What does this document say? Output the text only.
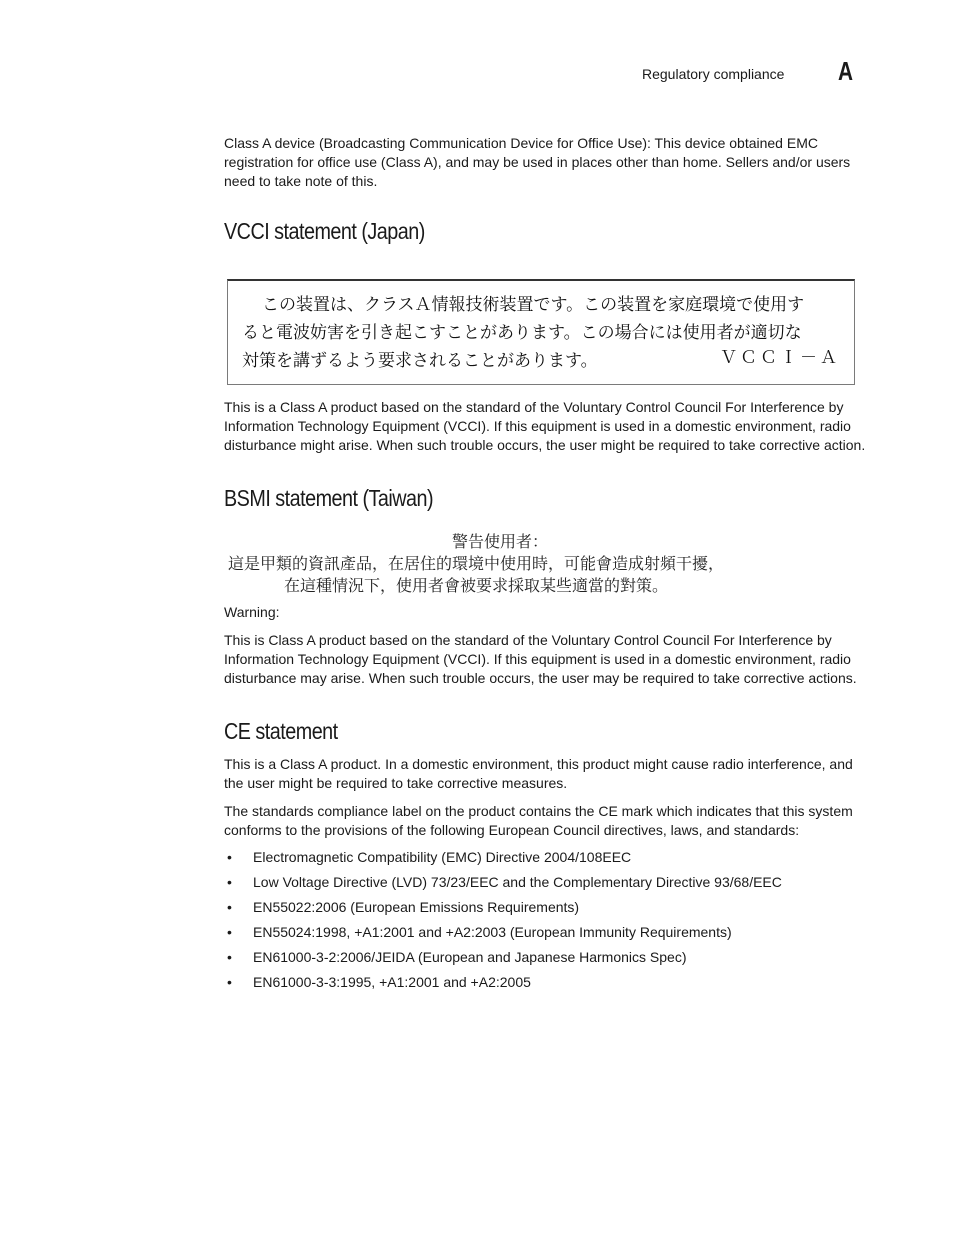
Regulatory compliance A

Class A device (Broadcasting Communication Device for Office Use): This device obtained EMC registration for office use (Class A), and may be used in places other than home. Sellers and/or users need to take note of this.

VCCI statement (Japan)
この装置は、クラスＡ情報技術装置です。この装置を家庭環境で使用す
ると電波妨害を引き起こすことがあります。この場合には使用者が適切な
対策を講ずるよう要求されることがあります。	ＶＣＣＩ－Ａ

This is a Class A product based on the standard of the Voluntary Control Council For Interference by Information Technology Equipment (VCCI). If this equipment is used in a domestic environment, radio disturbance might arise. When such trouble occurs, the user might be required to take corrective action.

BSMI statement (Taiwan)
警告使用者：
這是甲類的資訊產品，在居住的環境中使用時，可能會造成射頻干擾，
在這種情況下，使用者會被要求採取某些適當的對策。

Warning:

This is Class A product based on the standard of the Voluntary Control Council For Interference by Information Technology Equipment (VCCI). If this equipment is used in a domestic environment, radio disturbance may arise. When such trouble occurs, the user may be required to take corrective actions.

CE statement

This is a Class A product. In a domestic environment, this product might cause radio interference, and the user might be required to take corrective measures.

The standards compliance label on the product contains the CE mark which indicates that this system conforms to the provisions of the following European Council directives, laws, and standards:

• Electromagnetic Compatibility (EMC) Directive 2004/108EEC
• Low Voltage Directive (LVD) 73/23/EEC and the Complementary Directive 93/68/EEC
• EN55022:2006 (European Emissions Requirements)
• EN55024:1998, +A1:2001 and +A2:2003 (European Immunity Requirements)
• EN61000-3-2:2006/JEIDA (European and Japanese Harmonics Spec)
• EN61000-3-3:1995, +A1:2001 and +A2:2005
